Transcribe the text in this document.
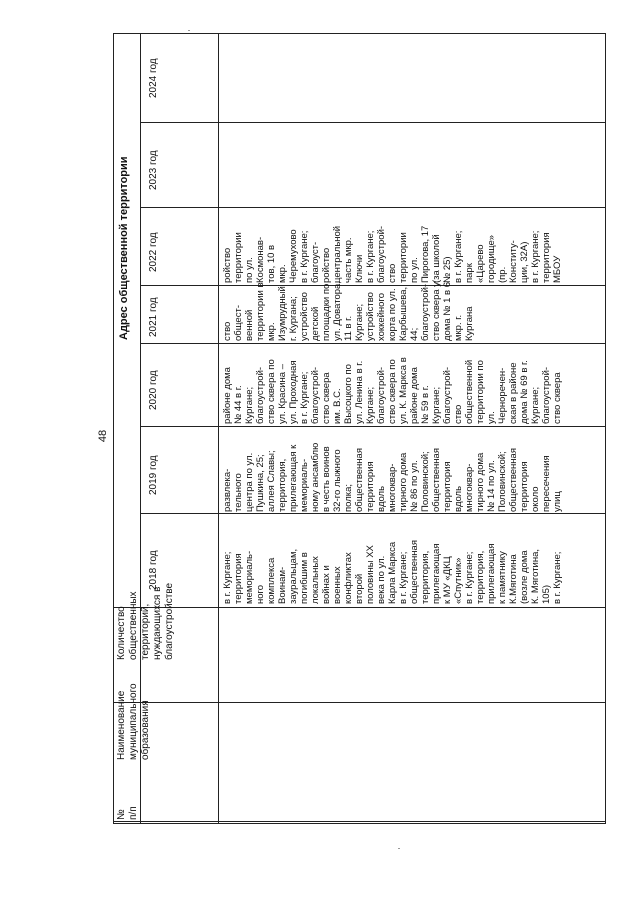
48
№
п/п
Наименование
муниципального
образования
Количество
общественных
территорий,
нуждающихся в
благоустройстве
Адрес общественной территории
2018 год
2019 год
2020 год
2021 год
2022 год
2023 год
2024 год
в г. Кургане;
территория
мемориаль-
ного
комплекса
Воинам-
зауральцам,
погибшим в
локальных
войнах и
военных
конфликтах
второй
половины XX
века по ул.
Карла Маркса
в г. Кургане;
общественная
территория,
прилегающая
к МУ «ДКЦ
«Спутник»
в г. Кургане;
территория,
прилегающая
к памятнику
К.Мяготина
(возле дома
К. Мяготина,
105)
в г. Кургане;
развлека-
тельного
центра по ул.
Пушкина, 25;
аллея Славы;
территория,
прилегающая к
мемориаль-
ному ансамблю
в честь воинов
32-го лыжного
полка;
общественная
территория
вдоль
многоквар-
тирного дома
№ 86 по ул.
Половинской;
общественная
территория
вдоль
многоквар-
тирного дома
№ 14 по ул.
Половинской;
общественная
территория
около
пересечения
улиц
районе дома
№ 44 в г.
Кургане;
благоустрой-
ство сквера по
ул. Красина –
ул. Проходная
в г. Кургане;
благоустрой-
ство сквера
им. В.С.
Высоцкого по
ул. Ленина в г.
Кургане;
благоустрой-
ство сквера по
ул. К. Маркса в
районе дома
№ 59 в г.
Кургане;
благоустрой-
ство
общественной
территории по
ул.
Черноречен-
ская в районе
дома № 69 в г.
Кургане;
благоустрой-
ство сквера
ство
общест-
венной
территории в
мкр.
Изумрудный
г. Кургана;
устройство
детской
площадки по
ул. Доватора,
11 в г.
Кургане;
устройство
хоккейного
корта по ул.
Карбышева,
44;
благоустрой-
ство сквера у
дома № 1 в 6
мкр. г.
Кургана
ройство
территории
по ул.
Космонав-
тов, 10 в
мкр.
Черемухово
в г. Кургане;
благоуст-
ройство
центральной
часть мкр.
Ключи
в г. Кургане;
благоустрой-
ство
территории
по ул.
Пирогова, 17
(за школой
№ 25)
в г. Кургане;
парк
«Царево
городище»
(пр.
Конститу-
ции, 32А)
в г. Кургане;
территория
МБОУ
